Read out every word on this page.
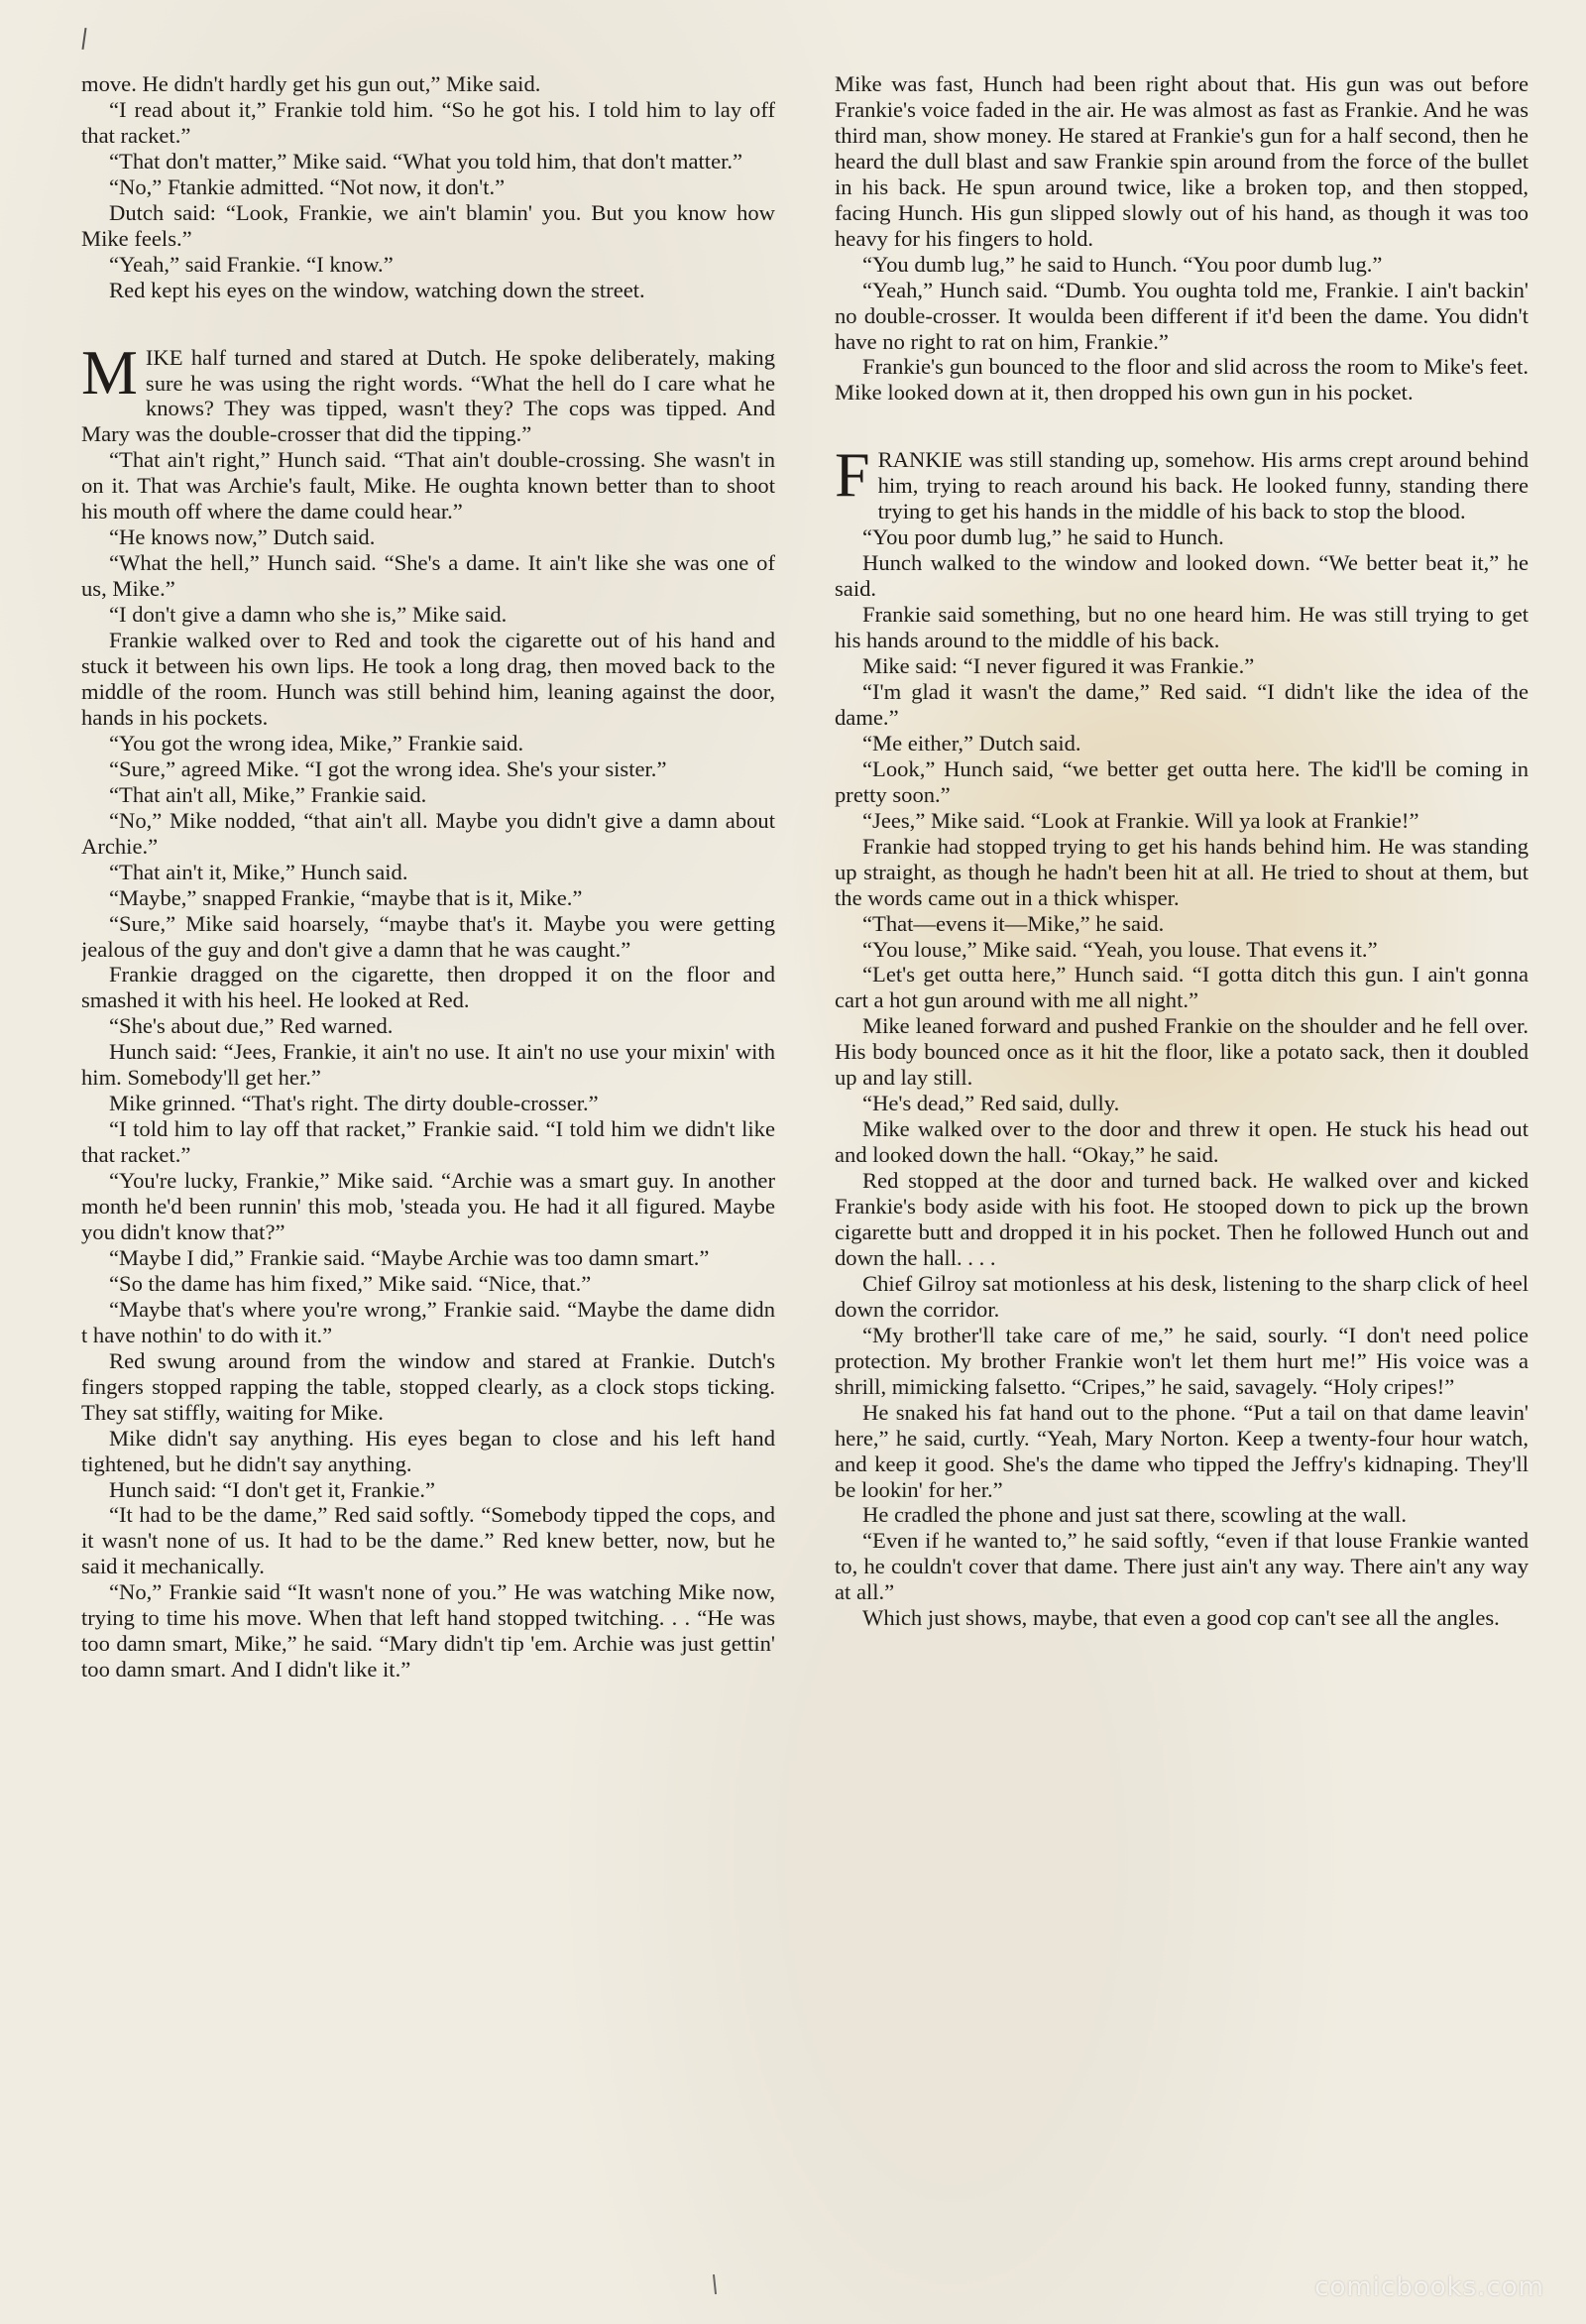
move. He didn't hardly get his gun out,” Mike said.

“I read about it,” Frankie told him. “So he got his. I told him to lay off that racket.”

“That don't matter,” Mike said. “What you told him, that don't matter.”

“No,” Ftankie admitted. “Not now, it don't.”

Dutch said: “Look, Frankie, we ain't blamin' you. But you know how Mike feels.”

“Yeah,” said Frankie. “I know.”

Red kept his eyes on the window, watching down the street.

MIKE half turned and stared at Dutch. He spoke deliberately, making sure he was using the right words. “What the hell do I care what he knows? They was tipped, wasn't they? The cops was tipped. And Mary was the double-crosser that did the tipping.”

“That ain't right,” Hunch said. “That ain't double-crossing. She wasn't in on it. That was Archie's fault, Mike. He oughta known better than to shoot his mouth off where the dame could hear.”

“He knows now,” Dutch said.

“What the hell,” Hunch said. “She's a dame. It ain't like she was one of us, Mike.”

“I don't give a damn who she is,” Mike said.

Frankie walked over to Red and took the cigarette out of his hand and stuck it between his own lips. He took a long drag, then moved back to the middle of the room. Hunch was still behind him, leaning against the door, hands in his pockets.

“You got the wrong idea, Mike,” Frankie said.

“Sure,” agreed Mike. “I got the wrong idea. She's your sister.”

“That ain't all, Mike,” Frankie said.

“No,” Mike nodded, “that ain't all. Maybe you didn't give a damn about Archie.”

“That ain't it, Mike,” Hunch said.

“Maybe,” snapped Frankie, “maybe that is it, Mike.”

“Sure,” Mike said hoarsely, “maybe that's it. Maybe you were getting jealous of the guy and don't give a damn that he was caught.”

Frankie dragged on the cigarette, then dropped it on the floor and smashed it with his heel. He looked at Red.

“She's about due,” Red warned.

Hunch said: “Jees, Frankie, it ain't no use. It ain't no use your mixin' with him. Somebody'll get her.”

Mike grinned. “That's right. The dirty double-crosser.”

“I told him to lay off that racket,” Frankie said. “I told him we didn't like that racket.”

“You're lucky, Frankie,” Mike said. “Archie was a smart guy. In another month he'd been runnin' this mob, 'steada you. He had it all figured. Maybe you didn't know that?”

“Maybe I did,” Frankie said. “Maybe Archie was too damn smart.”

“So the dame has him fixed,” Mike said. “Nice, that.”

“Maybe that's where you're wrong,” Frankie said. “Maybe the dame didn t have nothin' to do with it.”

Red swung around from the window and stared at Frankie. Dutch's fingers stopped rapping the table, stopped clearly, as a clock stops ticking. They sat stiffly, waiting for Mike.

Mike didn't say anything. His eyes began to close and his left hand tightened, but he didn't say anything.

Hunch said: “I don't get it, Frankie.”

“It had to be the dame,” Red said softly. “Somebody tipped the cops, and it wasn't none of us. It had to be the dame.” Red knew better, now, but he said it mechanically.

“No,” Frankie said “It wasn't none of you.” He was watching Mike now, trying to time his move. When that left hand stopped twitching. . . “He was too damn smart, Mike,” he said. “Mary didn't tip 'em. Archie was just gettin' too damn smart. And I didn't like it.”

Mike was fast, Hunch had been right about that. His gun was out before Frankie's voice faded in the air. He was almost as fast as Frankie. And he was third man, show money. He stared at Frankie's gun for a half second, then he heard the dull blast and saw Frankie spin around from the force of the bullet in his back. He spun around twice, like a broken top, and then stopped, facing Hunch. His gun slipped slowly out of his hand, as though it was too heavy for his fingers to hold.

“You dumb lug,” he said to Hunch. “You poor dumb lug.”

“Yeah,” Hunch said. “Dumb. You oughta told me, Frankie. I ain't backin' no double-crosser. It woulda been different if it'd been the dame. You didn't have no right to rat on him, Frankie.”

Frankie's gun bounced to the floor and slid across the room to Mike's feet. Mike looked down at it, then dropped his own gun in his pocket.

FRANKIE was still standing up, somehow. His arms crept around behind him, trying to reach around his back. He looked funny, standing there trying to get his hands in the middle of his back to stop the blood.

“You poor dumb lug,” he said to Hunch.

Hunch walked to the window and looked down. “We better beat it,” he said.

Frankie said something, but no one heard him. He was still trying to get his hands around to the middle of his back.

Mike said: “I never figured it was Frankie.”

“I'm glad it wasn't the dame,” Red said. “I didn't like the idea of the dame.”

“Me either,” Dutch said.

“Look,” Hunch said, “we better get outta here. The kid'll be coming in pretty soon.”

“Jees,” Mike said. “Look at Frankie. Will ya look at Frankie!”

Frankie had stopped trying to get his hands behind him. He was standing up straight, as though he hadn't been hit at all. He tried to shout at them, but the words came out in a thick whisper.

“That—evens it—Mike,” he said.

“You louse,” Mike said. “Yeah, you louse. That evens it.”

“Let's get outta here,” Hunch said. “I gotta ditch this gun. I ain't gonna cart a hot gun around with me all night.”

Mike leaned forward and pushed Frankie on the shoulder and he fell over. His body bounced once as it hit the floor, like a potato sack, then it doubled up and lay still.

“He's dead,” Red said, dully.

Mike walked over to the door and threw it open. He stuck his head out and looked down the hall. “Okay,” he said.

Red stopped at the door and turned back. He walked over and kicked Frankie's body aside with his foot. He stooped down to pick up the brown cigarette butt and dropped it in his pocket. Then he followed Hunch out and down the hall. . . .

Chief Gilroy sat motionless at his desk, listening to the sharp click of heel down the corridor.

“My brother'll take care of me,” he said, sourly. “I don't need police protection. My brother Frankie won't let them hurt me!” His voice was a shrill, mimicking falsetto. “Cripes,” he said, savagely. “Holy cripes!”

He snaked his fat hand out to the phone. “Put a tail on that dame leavin' here,” he said, curtly. “Yeah, Mary Norton. Keep a twenty-four hour watch, and keep it good. She's the dame who tipped the Jeffry's kidnaping. They'll be lookin' for her.”

He cradled the phone and just sat there, scowling at the wall.

“Even if he wanted to,” he said softly, “even if that louse Frankie wanted to, he couldn't cover that dame. There just ain't any way. There ain't any way at all.”

Which just shows, maybe, that even a good cop can't see all the angles.

comicbooks.com
